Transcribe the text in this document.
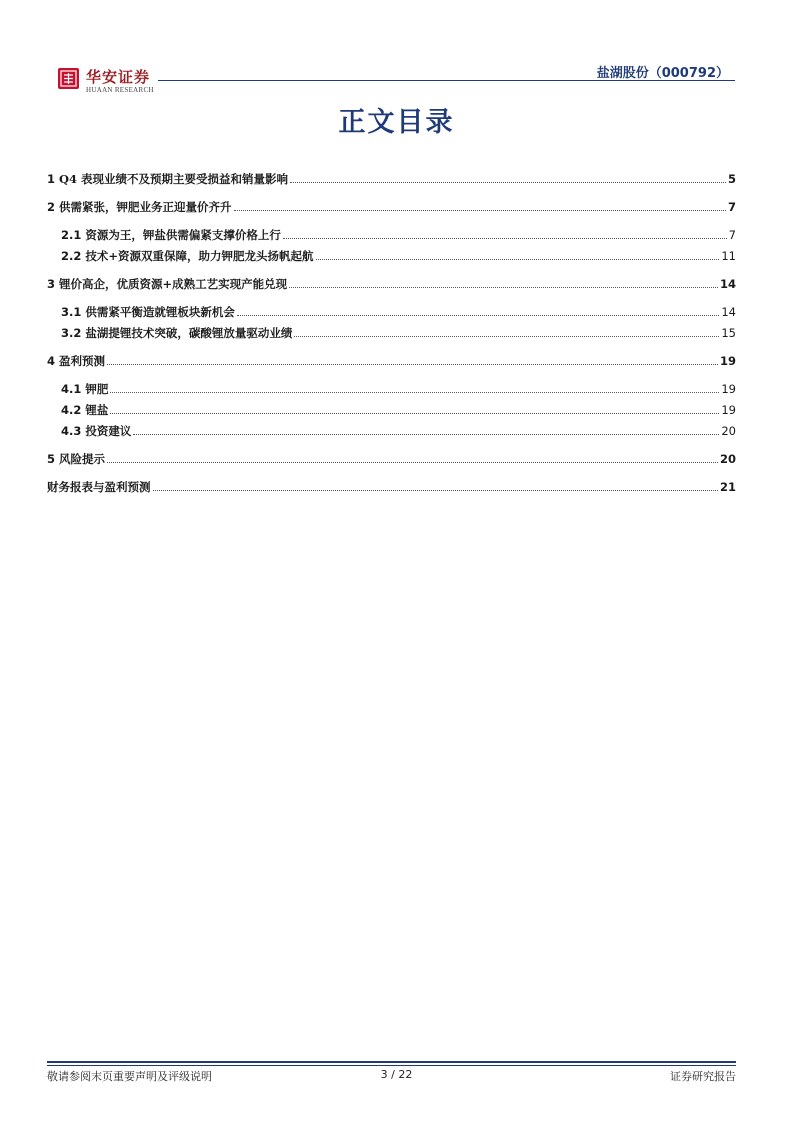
华安证券
HUAAN RESEARCH
盐湖股份（000792）
正文目录
1 Q4 表现业绩不及预期主要受损益和销量影响	5
2 供需紧张，钾肥业务正迎量价齐升	7
2.1 资源为王，钾盐供需偏紧支撑价格上行	7
2.2 技术+资源双重保障，助力钾肥龙头扬帆起航	11
3 锂价高企，优质资源+成熟工艺实现产能兑现	14
3.1 供需紧平衡造就锂板块新机会	14
3.2 盐湖提锂技术突破，碳酸锂放量驱动业绩	15
4 盈利预测	19
4.1 钾肥	19
4.2 锂盐	19
4.3 投资建议	20
5 风险提示	20
财务报表与盈利预测	21
敬请参阅末页重要声明及评级说明	3 / 22	证券研究报告
